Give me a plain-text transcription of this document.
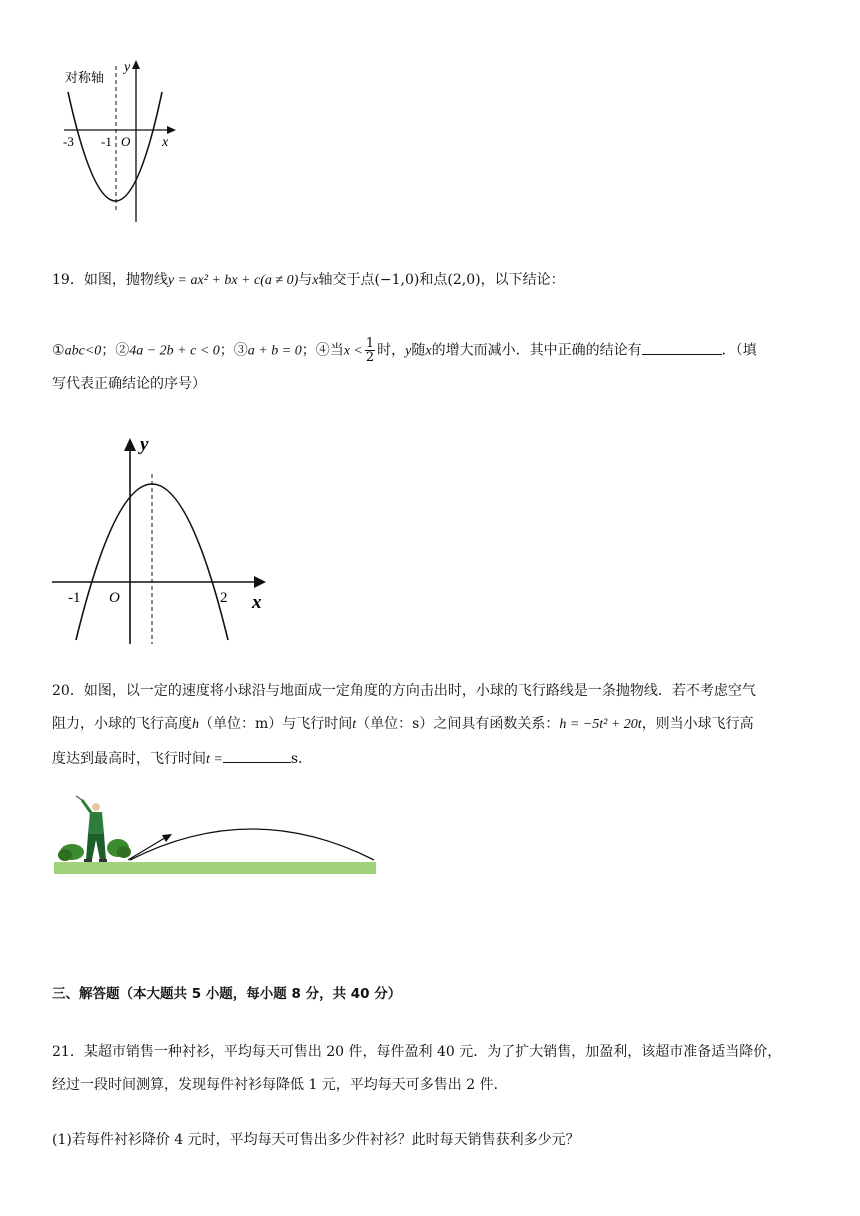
对称轴
y
x
-3 -1 O
19．如图，抛物线y = ax² + bx + c(a ≠ 0)与x轴交于点(−1,0)和点(2,0)，以下结论：
①abc<0；②4a − 2b + c < 0；③a + b = 0；④当$x < \frac{1}{2}$ 时，y随x的增大而减小．其中正确的结论有	．（填
写代表正确结论的序号）
y
x
-1 O	2
20．如图，以一定的速度将小球沿与地面成一定角度的方向击出时，小球的飞行路线是一条抛物线．若不考虑空气
阻力，小球的飞行高度h（单位：m）与飞行时间t（单位：s）之间具有函数关系：h = −5t² + 20t，则当小球飞行高
度达到最高时，飞行时间t =	s．
三、解答题（本大题共 5 小题，每小题 8 分，共 40 分）
21．某超市销售一种衬衫，平均每天可售出 20 件，每件盈利 40 元．为了扩大销售，加盈利，该超市准备适当降价，
经过一段时间测算，发现每件衬衫每降低 1 元，平均每天可多售出 2 件．
(1)若每件衬衫降价 4 元时，平均每天可售出多少件衬衫？此时每天销售获利多少元？
